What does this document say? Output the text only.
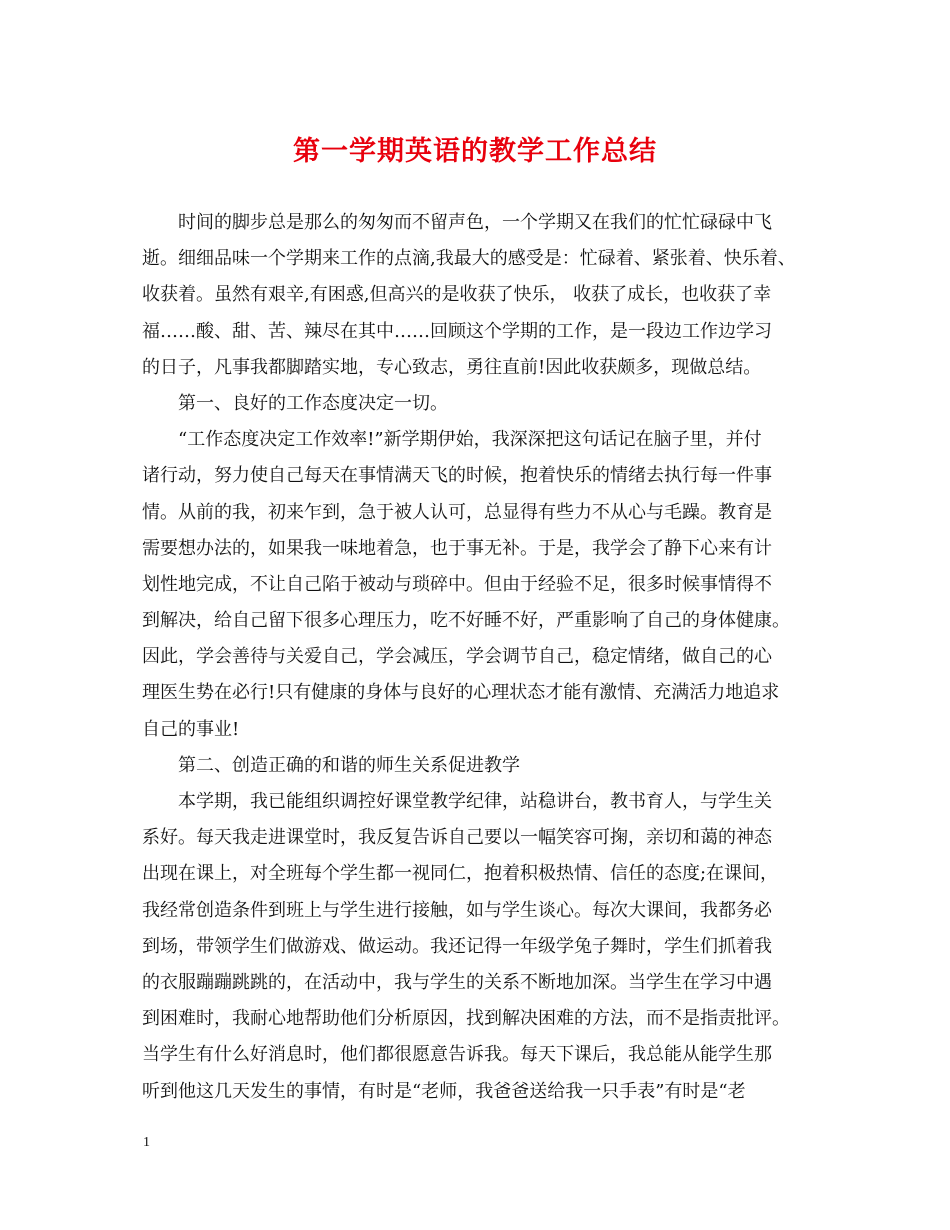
第一学期英语的教学工作总结
时间的脚步总是那么的匆匆而不留声色，一个学期又在我们的忙忙碌碌中飞
逝。细细品味一个学期来工作的点滴,我最大的感受是：忙碌着、紧张着、快乐着、
收获着。虽然有艰辛,有困惑,但高兴的是收获了快乐， 收获了成长，也收获了幸
福……酸、甜、苦、辣尽在其中……回顾这个学期的工作，是一段边工作边学习
的日子，凡事我都脚踏实地，专心致志，勇往直前!因此收获颇多，现做总结。
第一、良好的工作态度决定一切。
“工作态度决定工作效率!”新学期伊始，我深深把这句话记在脑子里，并付
诸行动，努力使自己每天在事情满天飞的时候，抱着快乐的情绪去执行每一件事
情。从前的我，初来乍到，急于被人认可，总显得有些力不从心与毛躁。教育是
需要想办法的，如果我一味地着急，也于事无补。于是，我学会了静下心来有计
划性地完成，不让自己陷于被动与琐碎中。但由于经验不足，很多时候事情得不
到解决，给自己留下很多心理压力，吃不好睡不好，严重影响了自己的身体健康。
因此，学会善待与关爱自己，学会减压，学会调节自己，稳定情绪，做自己的心
理医生势在必行!只有健康的身体与良好的心理状态才能有激情、充满活力地追求
自己的事业!
第二、创造正确的和谐的师生关系促进教学
本学期，我已能组织调控好课堂教学纪律，站稳讲台，教书育人，与学生关
系好。每天我走进课堂时，我反复告诉自己要以一幅笑容可掬，亲切和蔼的神态
出现在课上，对全班每个学生都一视同仁，抱着积极热情、信任的态度;在课间，
我经常创造条件到班上与学生进行接触，如与学生谈心。每次大课间，我都务必
到场，带领学生们做游戏、做运动。我还记得一年级学兔子舞时，学生们抓着我
的衣服蹦蹦跳跳的，在活动中，我与学生的关系不断地加深。当学生在学习中遇
到困难时，我耐心地帮助他们分析原因，找到解决困难的方法，而不是指责批评。
当学生有什么好消息时，他们都很愿意告诉我。每天下课后，我总能从能学生那
听到他这几天发生的事情，有时是“老师，我爸爸送给我一只手表”有时是“老
1
